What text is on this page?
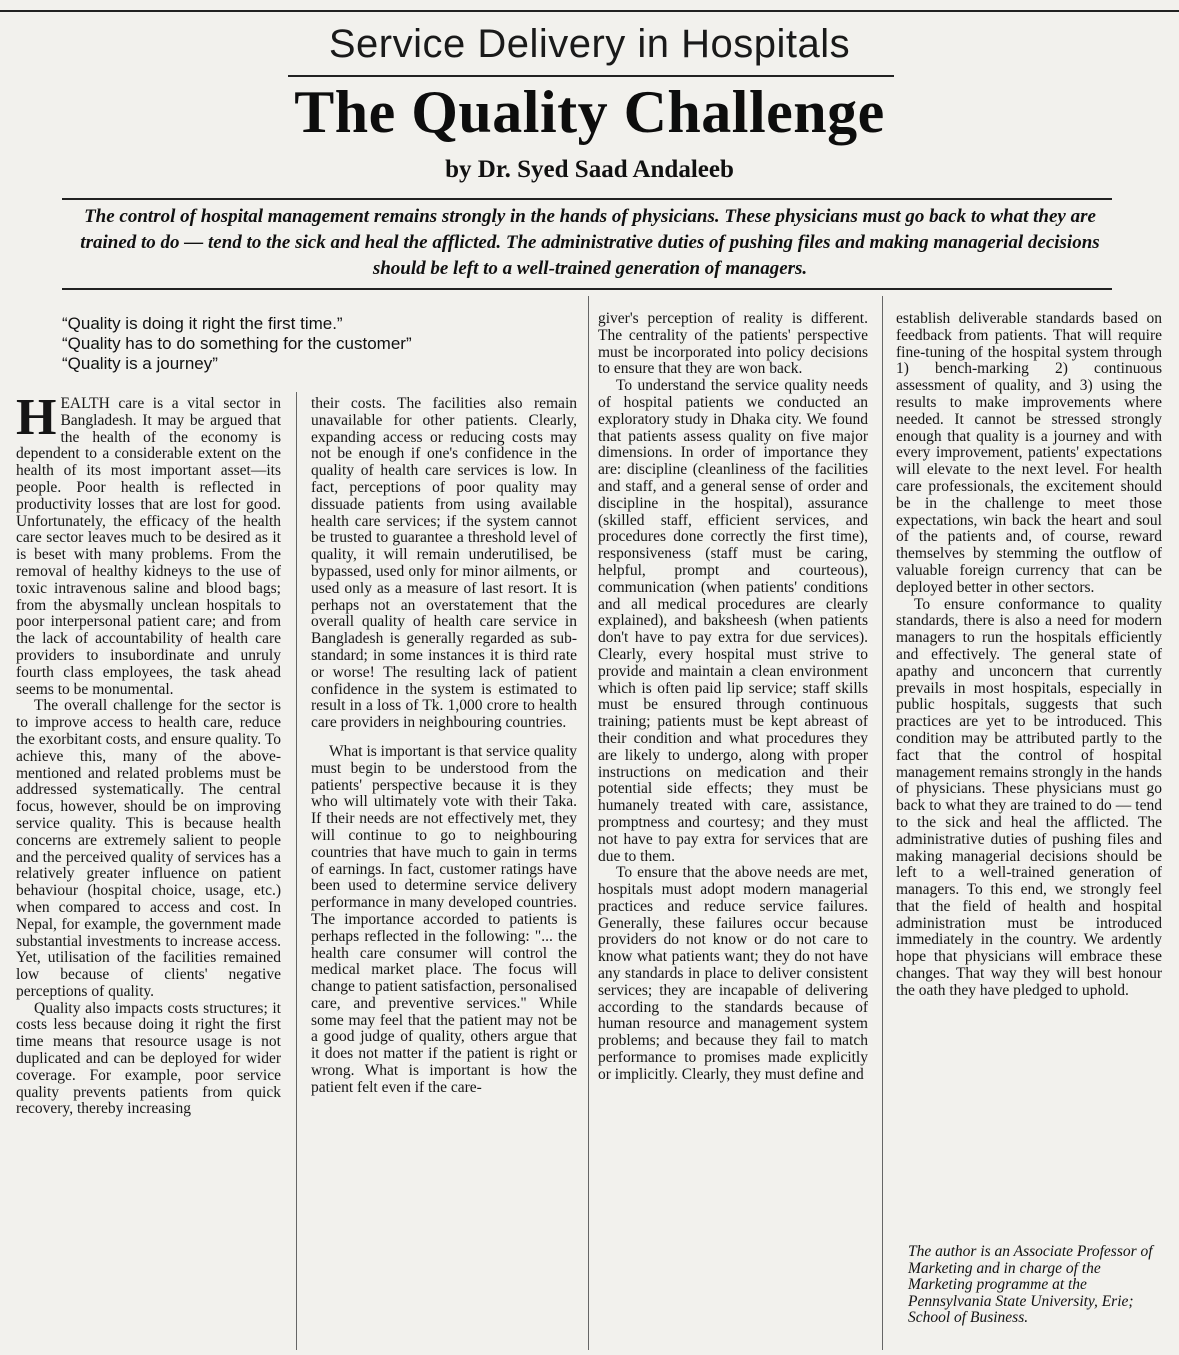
Service Delivery in Hospitals
The Quality Challenge
by Dr. Syed Saad Andaleeb
The control of hospital management remains strongly in the hands of physicians. These physicians must go back to what they are trained to do — tend to the sick and heal the afflicted. The administrative duties of pushing files and making managerial decisions should be left to a well-trained generation of managers.
“Quality is doing it right the first time.”
“Quality has to do something for the customer”
“Quality is a journey”

HEALTH care is a vital sector in Bangladesh. It may be argued that the health of the economy is dependent to a considerable extent on the health of its most important asset—its people. Poor health is reflected in productivity losses that are lost for good. Unfortunately, the efficacy of the health care sector leaves much to be desired as it is beset with many problems. From the removal of healthy kidneys to the use of toxic intravenous saline and blood bags; from the abysmally unclean hospitals to poor interpersonal patient care; and from the lack of accountability of health care providers to insubordinate and unruly fourth class employees, the task ahead seems to be monumental.

The overall challenge for the sector is to improve access to health care, reduce the exorbitant costs, and ensure quality. To achieve this, many of the above-mentioned and related problems must be addressed systematically. The central focus, however, should be on improving service quality. This is because health concerns are extremely salient to people and the perceived quality of services has a relatively greater influence on patient behaviour (hospital choice, usage, etc.) when compared to access and cost. In Nepal, for example, the government made substantial investments to increase access. Yet, utilisation of the facilities remained low because of clients' negative perceptions of quality.

Quality also impacts costs structures; it costs less because doing it right the first time means that resource usage is not duplicated and can be deployed for wider coverage. For example, poor service quality prevents patients from quick recovery, thereby increasing

their costs. The facilities also remain unavailable for other patients. Clearly, expanding access or reducing costs may not be enough if one's confidence in the quality of health care services is low. In fact, perceptions of poor quality may dissuade patients from using available health care services; if the system cannot be trusted to guarantee a threshold level of quality, it will remain underutilised, be bypassed, used only for minor ailments, or used only as a measure of last resort. It is perhaps not an overstatement that the overall quality of health care service in Bangladesh is generally regarded as sub-standard; in some instances it is third rate or worse! The resulting lack of patient confidence in the system is estimated to result in a loss of Tk. 1,000 crore to health care providers in neighbouring countries.

What is important is that service quality must begin to be understood from the patients' perspective because it is they who will ultimately vote with their Taka. If their needs are not effectively met, they will continue to go to neighbouring countries that have much to gain in terms of earnings. In fact, customer ratings have been used to determine service delivery performance in many developed countries. The importance accorded to patients is perhaps reflected in the following: "... the health care consumer will control the medical market place. The focus will change to patient satisfaction, personalised care, and preventive services." While some may feel that the patient may not be a good judge of quality, others argue that it does not matter if the patient is right or wrong. What is important is how the patient felt even if the care-

giver's perception of reality is different. The centrality of the patients' perspective must be incorporated into policy decisions to ensure that they are won back.

To understand the service quality needs of hospital patients we conducted an exploratory study in Dhaka city. We found that patients assess quality on five major dimensions. In order of importance they are: discipline (cleanliness of the facilities and staff, and a general sense of order and discipline in the hospital), assurance (skilled staff, efficient services, and procedures done correctly the first time), responsiveness (staff must be caring, helpful, prompt and courteous), communication (when patients' conditions and all medical procedures are clearly explained), and baksheesh (when patients don't have to pay extra for due services). Clearly, every hospital must strive to provide and maintain a clean environment which is often paid lip service; staff skills must be ensured through continuous training; patients must be kept abreast of their condition and what procedures they are likely to undergo, along with proper instructions on medication and their potential side effects; they must be humanely treated with care, assistance, promptness and courtesy; and they must not have to pay extra for services that are due to them.

To ensure that the above needs are met, hospitals must adopt modern managerial practices and reduce service failures. Generally, these failures occur because providers do not know or do not care to know what patients want; they do not have any standards in place to deliver consistent services; they are incapable of delivering according to the standards because of human resource and management system problems; and because they fail to match performance to promises made explicitly or implicitly. Clearly, they must define and

establish deliverable standards based on feedback from patients. That will require fine-tuning of the hospital system through 1) bench-marking 2) continuous assessment of quality, and 3) using the results to make improvements where needed. It cannot be stressed strongly enough that quality is a journey and with every improvement, patients' expectations will elevate to the next level. For health care professionals, the excitement should be in the challenge to meet those expectations, win back the heart and soul of the patients and, of course, reward themselves by stemming the outflow of valuable foreign currency that can be deployed better in other sectors.

To ensure conformance to quality standards, there is also a need for modern managers to run the hospitals efficiently and effectively. The general state of apathy and unconcern that currently prevails in most hospitals, especially in public hospitals, suggests that such practices are yet to be introduced. This condition may be attributed partly to the fact that the control of hospital management remains strongly in the hands of physicians. These physicians must go back to what they are trained to do — tend to the sick and heal the afflicted. The administrative duties of pushing files and making managerial decisions should be left to a well-trained generation of managers. To this end, we strongly feel that the field of health and hospital administration must be introduced immediately in the country. We ardently hope that physicians will embrace these changes. That way they will best honour the oath they have pledged to uphold.

The author is an Associate Professor of Marketing and in charge of the Marketing programme at the Pennsylvania State University, Erie; School of Business.
